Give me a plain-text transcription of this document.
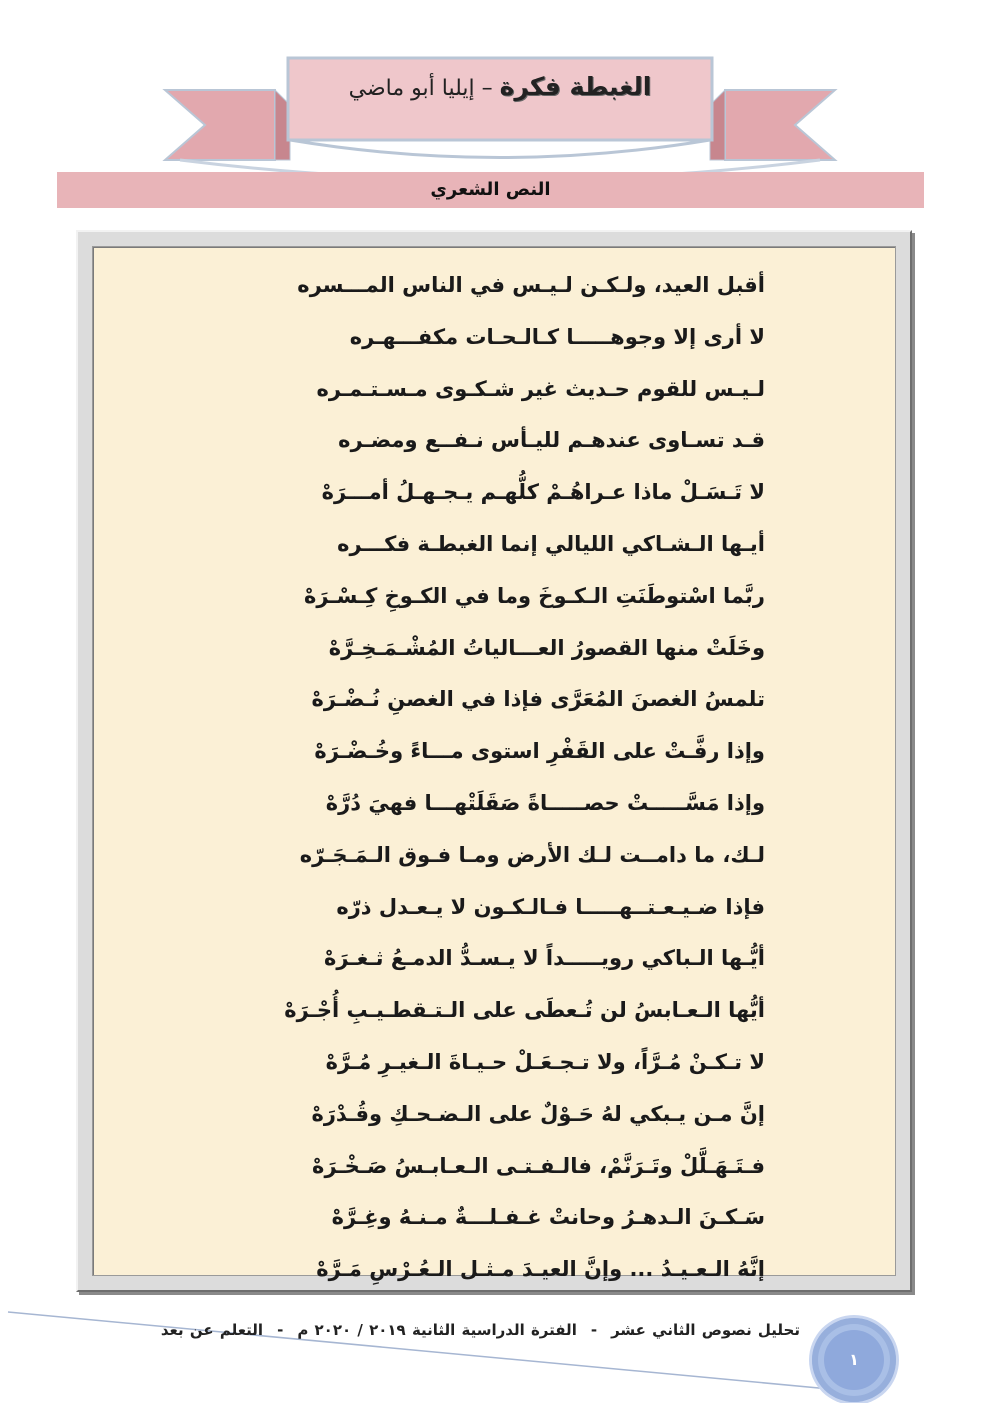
الغبطة فكرة – إيليا أبو ماضي
النص الشعري
أقبل العيد، ولـكـن لـيـس في الناس المـــسره
لا أرى إلا وجوهـــــا كـالـحـات مكفـــهـره
لـيـس للقوم حـديث غير شـكـوى مـسـتـمـره
قـد تسـاوى عندهـم لليـأس نـفــع ومضـره
لا تَـسَـلْ ماذا عـراهُـمْ كلُّهـم يـجـهـلُ أمـــرَهْ
أيـها الـشـاكي الليالي إنما الغبطـة فكـــره
ربَّما اسْتوطَنَتِ الـكـوخَ وما في الكـوخِ كِـسْـرَهْ
وخَلَتْ منها القصورُ العـــالياتُ المُشْـمَـخِـرَّهْ
تلمسُ الغصنَ المُعَرَّى فإذا في الغصنِ نُـضْـرَهْ
وإذا رفَّـتْ على القَفْرِ استوى مـــاءً وخُـضْـرَهْ
وإذا مَسَّـــــتْ حصـــــاةً صَقَلَتْهـــا فهيَ دُرَّهْ
لـك، ما دامــت لـك الأرض ومـا فـوق الـمَـجَـرّه
فإذا ضـيـعـتــهـــــا فـالـكـون لا يـعـدل ذرّه
أيُّـها الـباكي رويـــــداً لا يـسـدُّ الدمـعُ ثـغـرَهْ
أيُّها الـعـابسُ لن تُـعطَى على الـتـقطـيـبِ أُجْـرَهْ
لا تـكـنْ مُـرَّاً، ولا تـجـعَـلْ حـيـاةَ الـغيـرِ مُـرَّهْ
إنَّ مـن يـبكي لهُ حَـوْلٌ على الـضـحـكِ وقُـدْرَهْ
فـتَـهَـلَّلْ وتَـرَنَّمْ، فالـفـتـى الـعـابـسُ صَـخْـرَهْ
سَـكـنَ الـدهـرُ وحانتْ غـفـلـــةٌ مـنـهُ وغِـرَّهْ
إنَّهُ الـعـيـدُ ... وإنَّ العيـدَ مـثـل الـعُـرْسِ مَـرَّهْ
تحليل نصوص الثاني عشر-الفترة الدراسية الثانية ٢٠١٩ / ٢٠٢٠ م-التعلم عن بعد
١
